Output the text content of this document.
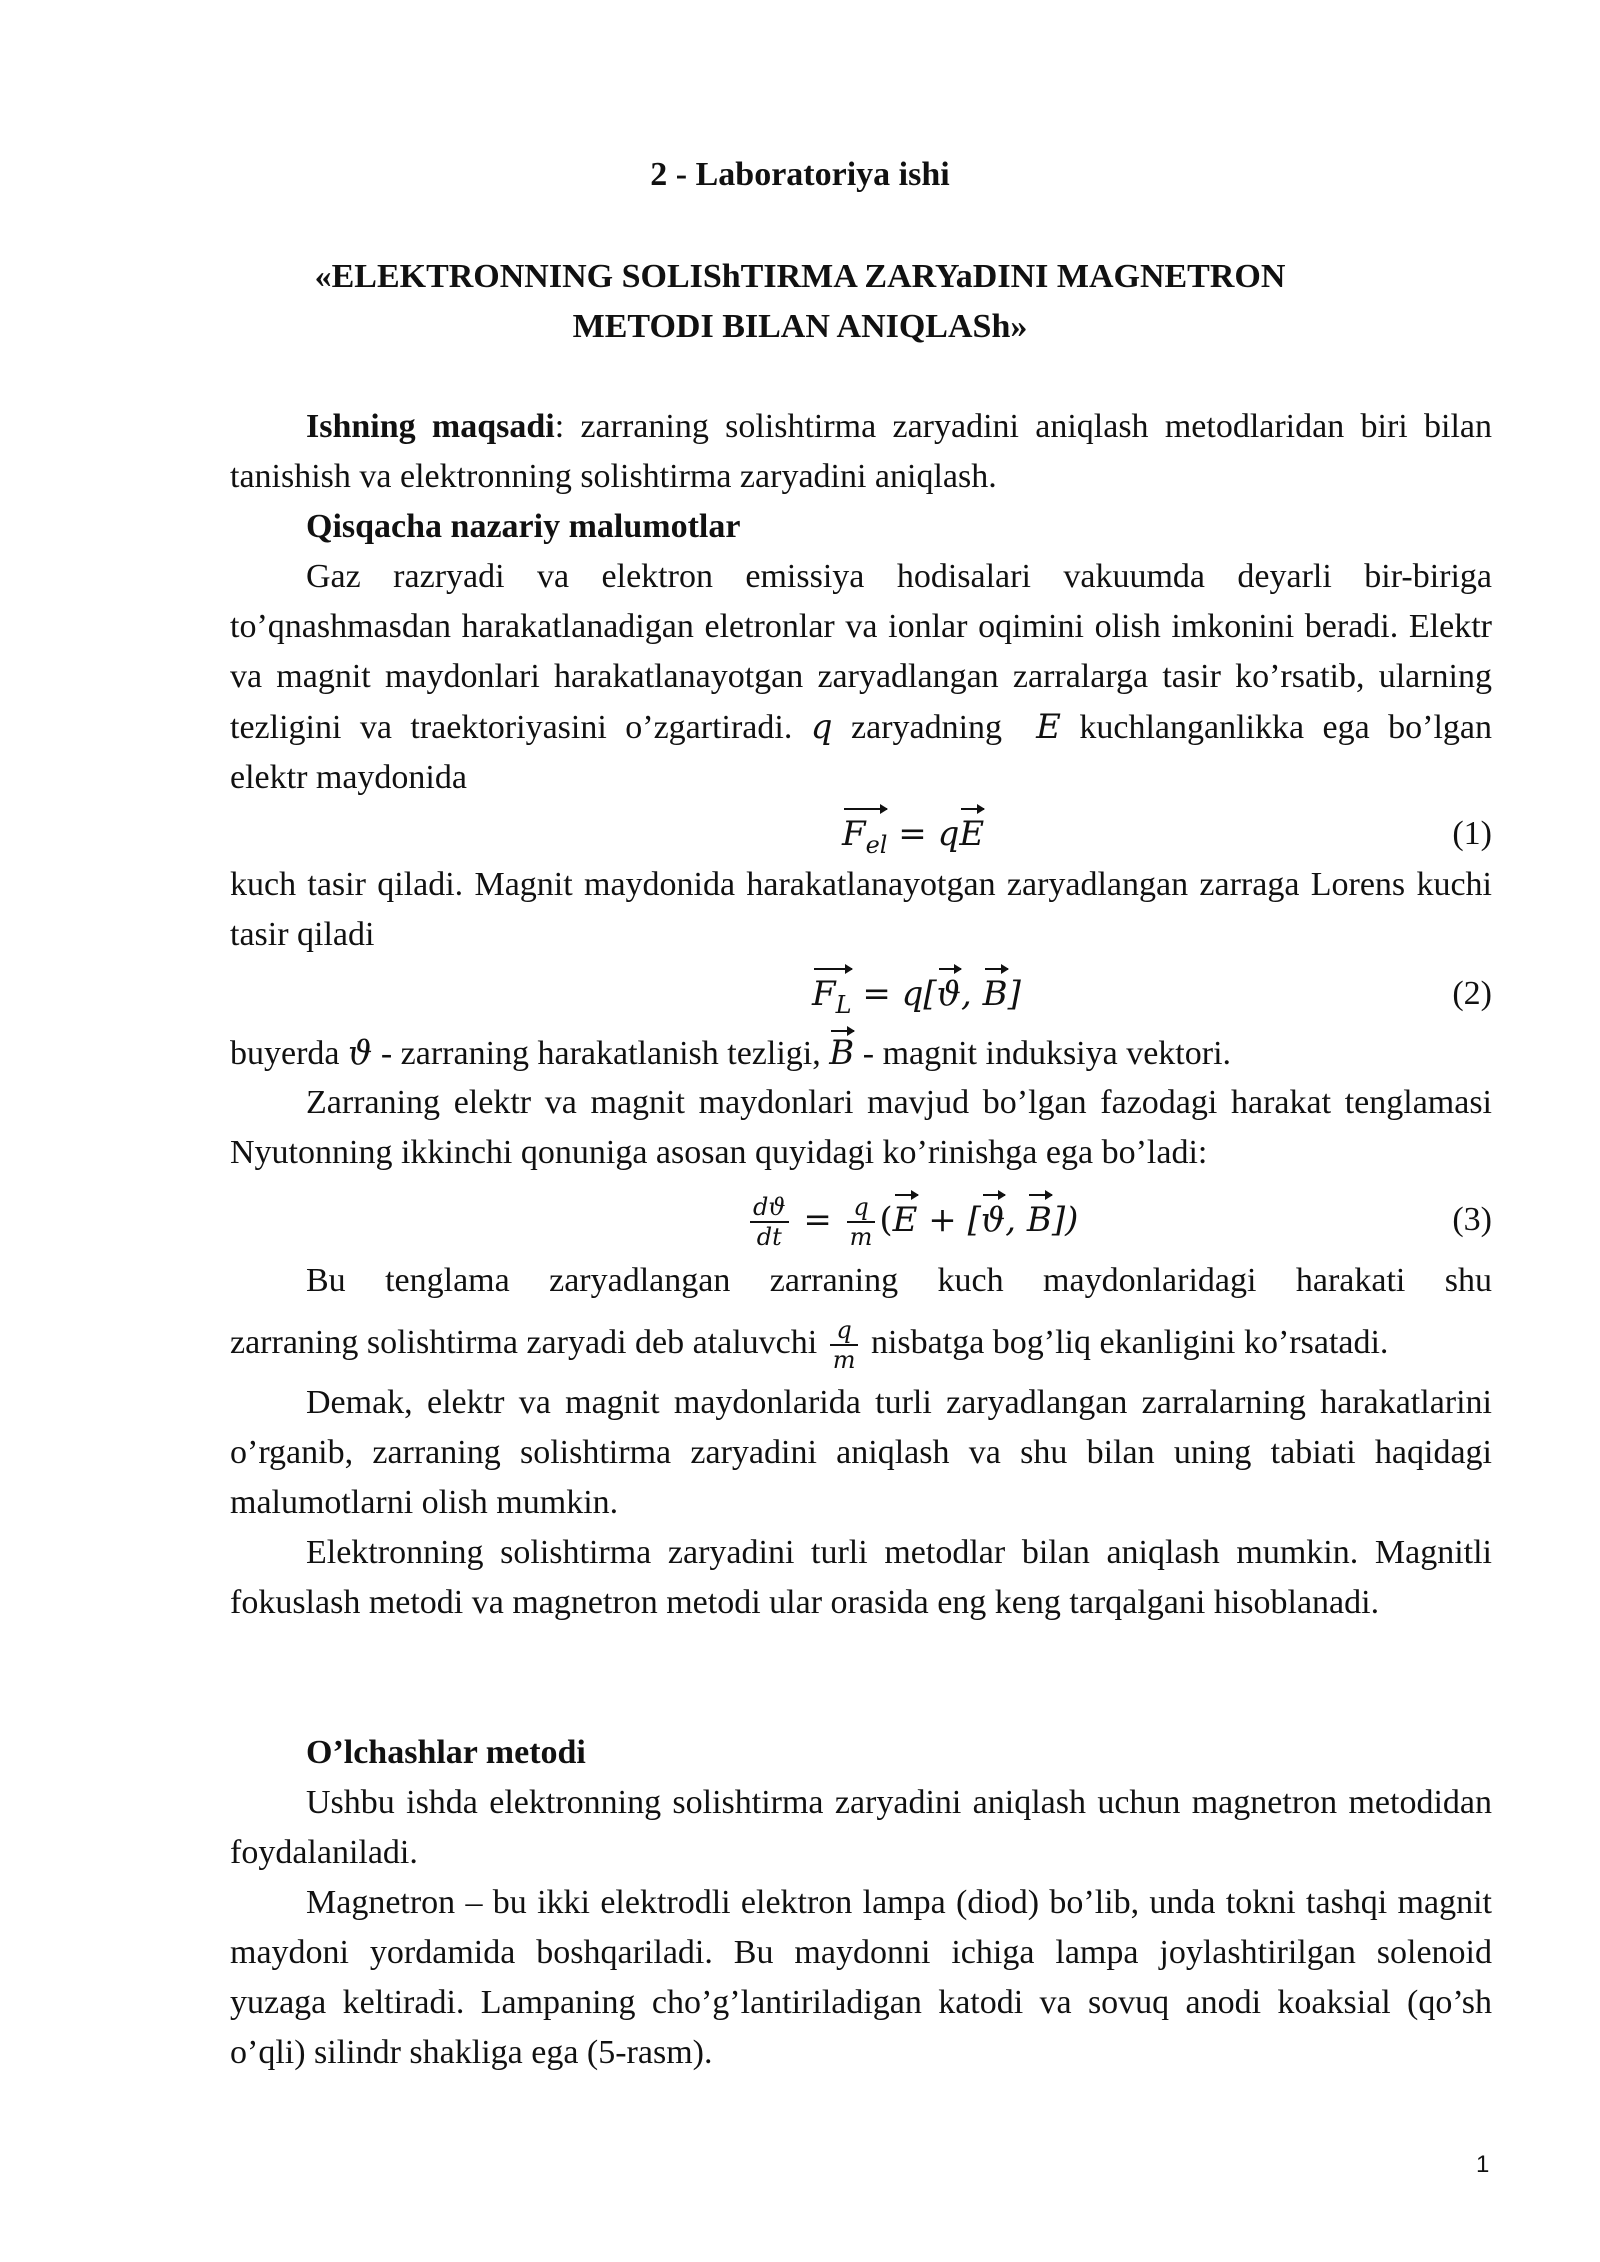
2 - Laboratoriya ishi
«ELEKTRONNING SOLIShTIRMA ZARYaDINI MAGNETRON
METODI BILAN ANIQLASh»
Ishning maqsadi: zarraning solishtirma zaryadini aniqlash metodlaridan biri bilan tanishish va elektronning solishtirma zaryadini aniqlash.
Qisqacha nazariy malumotlar
Gaz razryadi va elektron emissiya hodisalari vakuumda deyarli bir-biriga to’qnashmasdan harakatlanadigan eletronlar va ionlar oqimini olish imkonini beradi. Elektr va magnit maydonlari harakatlanayotgan zaryadlangan zarralarga tasir ko’rsatib, ularning tezligini va traektoriyasini o’zgartiradi. q zaryadning  E kuchlanganlikka ega bo’lgan elektr maydonida
$F_{el}$ = qE	(1)
kuch tasir qiladi. Magnit maydonida harakatlanayotgan zaryadlangan zarraga Lorens kuchi tasir qiladi
$F_L = q[ϑ$, B]	(2)
buyerda ϑ - zarraning harakatlanish tezligi, B - magnit induksiya vektori.
Zarraning elektr va magnit maydonlari mavjud bo’lgan fazodagi harakat tenglamasi Nyutonning ikkinchi qonuniga asosan quyidagi ko’rinishga ega bo’ladi:
$\frac{dϑ}{dt} = \frac{q}{m} (E + [ϑ$, B])	(3)
Bu tenglama zaryadlangan zarraning kuch maydonlaridagi harakati shu
zarraning solishtirma zaryadi deb ataluvchi $\frac{q}{m}$ nisbatga bog’liq ekanligini ko’rsatadi.
Demak, elektr va magnit maydonlarida turli zaryadlangan zarralarning harakatlarini o’rganib, zarraning solishtirma zaryadini aniqlash va shu bilan uning tabiati haqidagi malumotlarni olish mumkin.
Elektronning solishtirma zaryadini turli metodlar bilan aniqlash mumkin. Magnitli fokuslash metodi va magnetron metodi ular orasida eng keng tarqalgani hisoblanadi.
O’lchashlar metodi
Ushbu ishda elektronning solishtirma zaryadini aniqlash uchun magnetron metodidan foydalaniladi.
Magnetron – bu ikki elektrodli elektron lampa (diod) bo’lib, unda tokni tashqi magnit maydoni yordamida boshqariladi. Bu maydonni ichiga lampa joylashtirilgan solenoid yuzaga keltiradi. Lampaning cho’g’lantiriladigan katodi va sovuq anodi koaksial (qo’sh o’qli) silindr shakliga ega (5-rasm).
1
